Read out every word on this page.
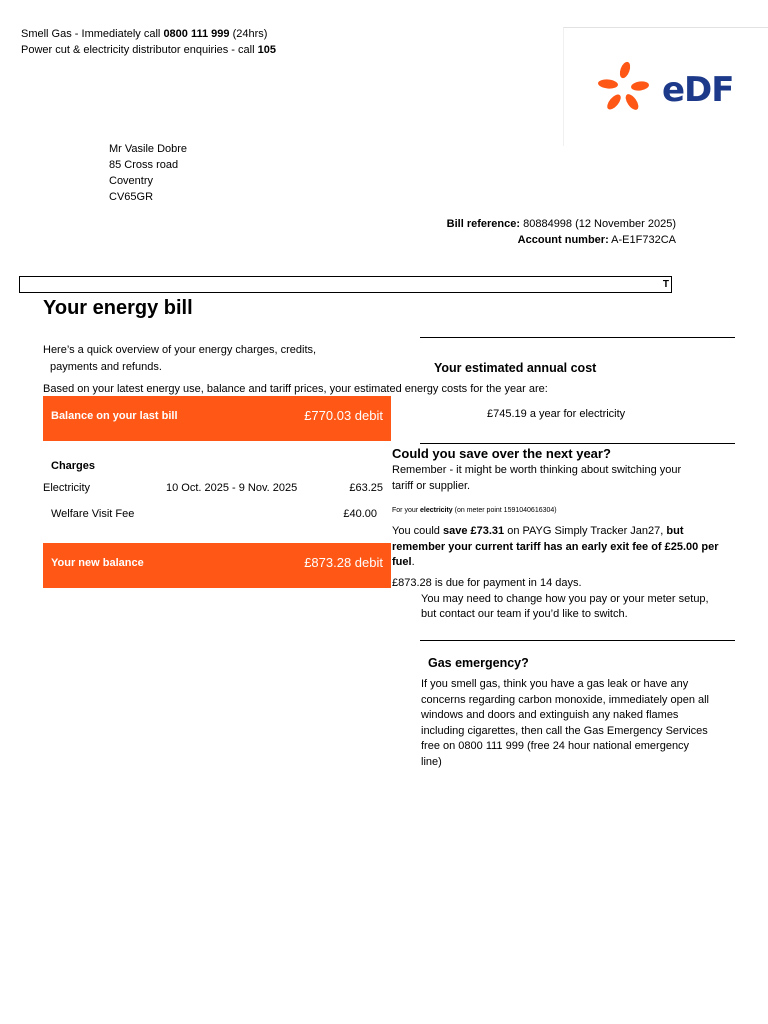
Smell Gas - Immediately call 0800 111 999 (24hrs)
Power cut & electricity distributor enquiries - call 105
eDF
Mr Vasile Dobre
85 Cross road
Coventry
CV65GR
Bill reference: 80884998 (12 November 2025)
Account number: A-E1F732CA
T
Your energy bill
Here’s a quick overview of your energy charges, credits,
payments and refunds.
Based on your latest energy use, balance and tariff prices, your estimated energy costs for the year are:
Balance on your last bill	£770.03 debit
Charges
Electricity	10 Oct. 2025 - 9 Nov. 2025	£63.25
Welfare Visit Fee	£40.00
Your new balance	£873.28 debit
Your estimated annual cost
£745.19 a year for electricity
Could you save over the next year?
Remember - it might be worth thinking about switching your
tariff or supplier.
For your electricity (on meter point 1591040616304)
You could save £73.31 on PAYG Simply Tracker Jan27, but
remember your current tariff has an early exit fee of £25.00 per
fuel.
£873.28 is due for payment in 14 days.
You may need to change how you pay or your meter setup,
but contact our team if you’d like to switch.
Gas emergency?
If you smell gas, think you have a gas leak or have any
concerns regarding carbon monoxide, immediately open all
windows and doors and extinguish any naked flames
including cigarettes, then call the Gas Emergency Services
free on 0800 111 999 (free 24 hour national emergency
line)
